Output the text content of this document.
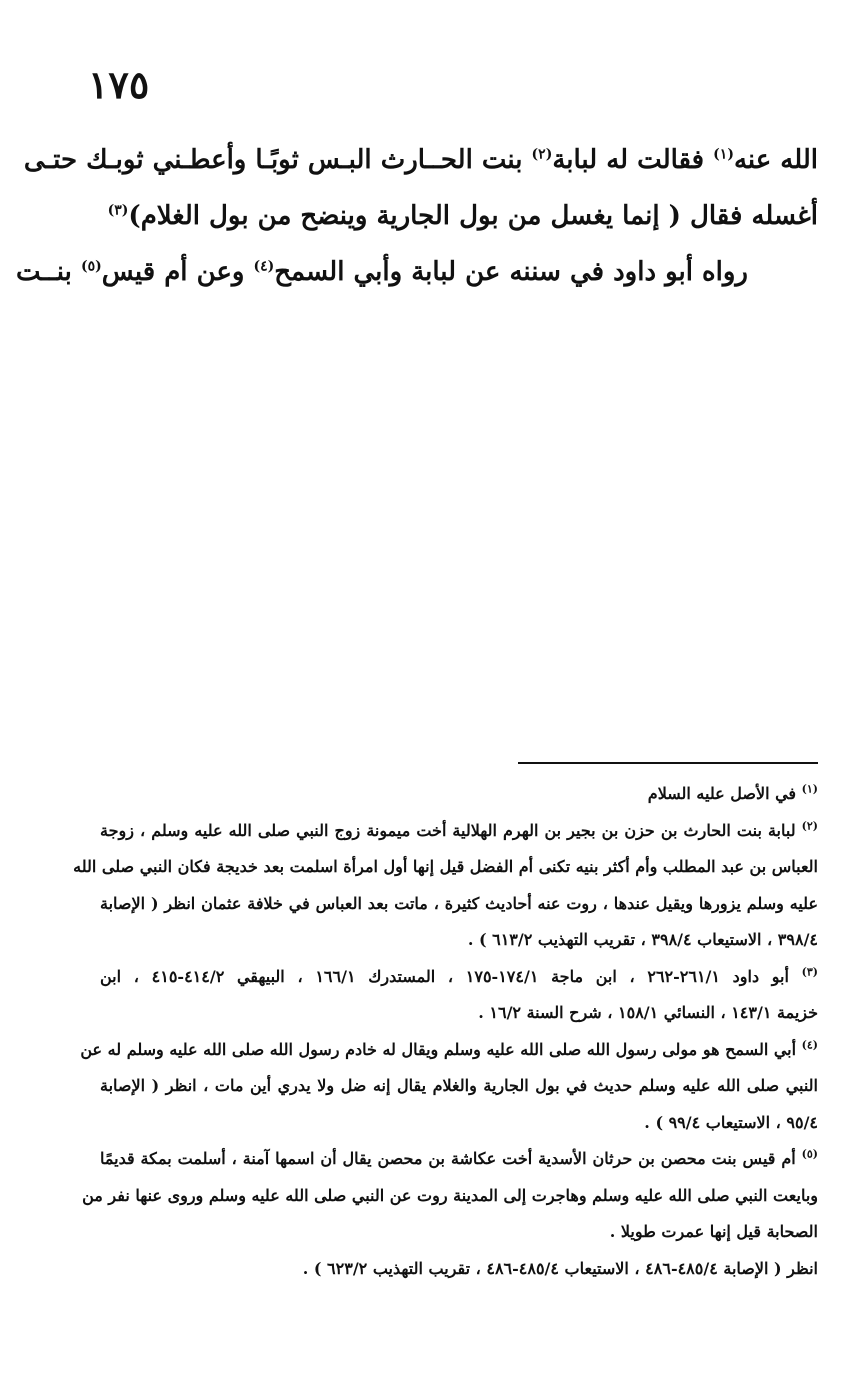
١٧٥
الله عنه$^{(١)}$ فقالت له لبابة$^{(٢)}$ بنت الحــارث البـس ثوبًـا وأعطـني ثوبـك حتـى
أغسله فقال ( إنما يغسل من بول الجارية وينضح من بول الغلام)$^{(٣)}$
رواه أبو داود في سننه عن لبابة وأبي السمح$^{(٤)}$ وعن أم قيس$^{(٥)}$ بنــت
$^{(١)}$ في الأصل عليه السلام
$^{(٢)}$ لبابة بنت الحارث بن حزن بن بجير بن الهرم الهلالية أخت ميمونة زوج النبي صلى الله عليه وسلم ، زوجة
العباس بن عبد المطلب وأم أكثر بنيه تكنى أم الفضل قيل إنها أول امرأة اسلمت بعد خديجة فكان النبي صلى الله
عليه وسلم يزورها ويقيل عندها ، روت عنه أحاديث كثيرة ، ماتت بعد العباس في خلافة عثمان انظر ( الإصابة
٣٩٨/٤ ، الاستيعاب ٣٩٨/٤ ، تقريب التهذيب ٦١٣/٢ ) .
$^{(٣)}$ أبو داود ٢٦١/١-٢٦٢ ، ابن ماجة ١٧٤/١-١٧٥ ، المستدرك ١٦٦/١ ، البيهقي ٤١٤/٢-٤١٥ ، ابن
خزيمة ١٤٣/١ ، النسائي ١٥٨/١ ، شرح السنة ١٦/٢ .
$^{(٤)}$ أبي السمح هو مولى رسول الله صلى الله عليه وسلم ويقال له خادم رسول الله صلى الله عليه وسلم له عن
النبي صلى الله عليه وسلم حديث في بول الجارية والغلام يقال إنه ضل ولا يدري أين مات ، انظر ( الإصابة
٩٥/٤ ، الاستيعاب ٩٩/٤ ) .
$^{(٥)}$ أم قيس بنت محصن بن حرثان الأسدية أخت عكاشة بن محصن يقال أن اسمها آمنة ، أسلمت بمكة قديمًا
وبايعت النبي صلى الله عليه وسلم وهاجرت إلى المدينة روت عن النبي صلى الله عليه وسلم وروى عنها نفر من
الصحابة قيل إنها عمرت طويلا .
انظر ( الإصابة ٤٨٥/٤-٤٨٦ ، الاستيعاب ٤٨٥/٤-٤٨٦ ، تقريب التهذيب ٦٢٣/٢ ) .
